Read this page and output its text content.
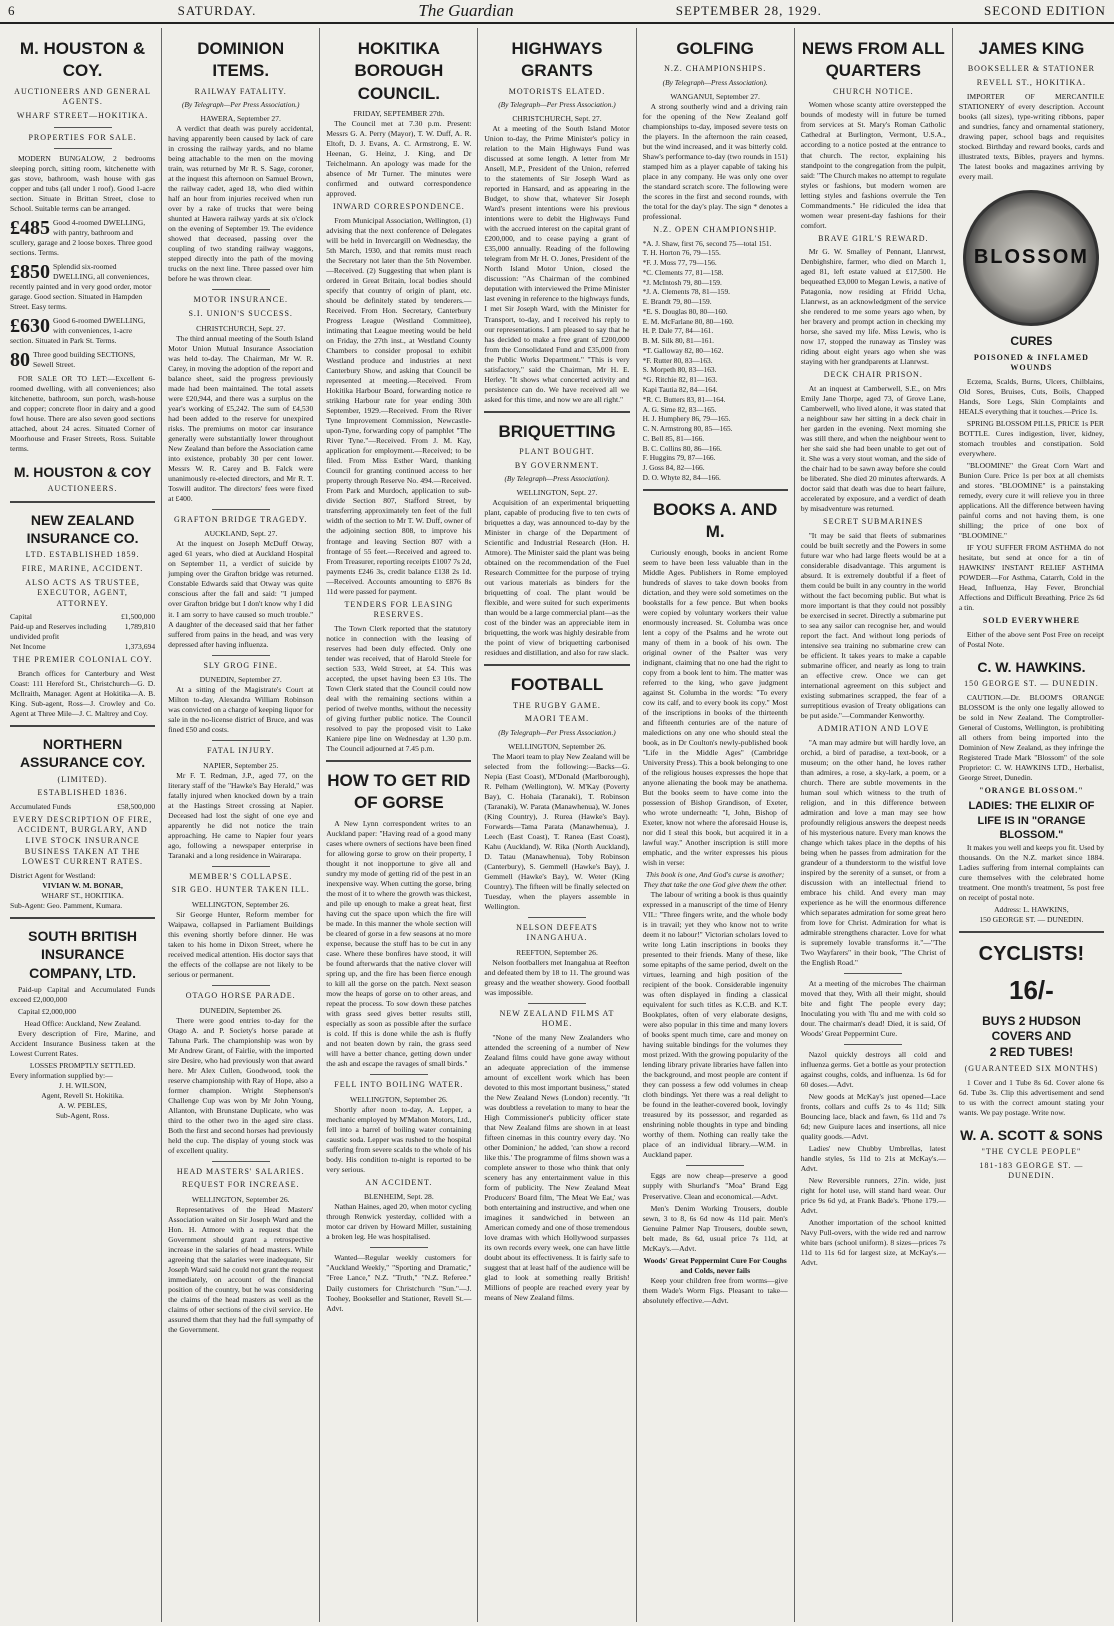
6	SATURDAY.	The Guardian	SEPTEMBER 28, 1929.	SECOND EDITION
M. HOUSTON & COY.
AUCTIONEERS AND GENERAL AGENTS.
WHARF STREET—HOKITIKA.
PROPERTIES FOR SALE.

MODERN BUNGALOW, 2 bedrooms sleeping porch, sitting room, kitchenette with gas stove, bathroom, wash house with gas copper and tubs (all under 1 roof). Good 1-acre section. Situate in Brittan Street, close to School. Suitable terms can be arranged.

£485 Good 4-roomed DWELLING, with pantry, bathroom and scullery, garage and 2 loose boxes. Three good sections. Terms.
£850 Splendid six-roomed DWELLING, all conveniences, recently painted and in very good order, motor garage. Good section. Situated in Hampden Street. Easy terms.
£630 Good 6-roomed DWELLING, with conveniences, 1-acre section. Situated in Park St. Terms.
80 Three good building SECTIONS, Sewell Street.

FOR SALE OR TO LET:—Excellent 6-roomed dwelling, with all conveniences; also kitchenette, bathroom, sun porch, wash-house and copper; concrete floor in dairy and a good fowl house. There are also seven good sections attached, about 24 acres. Situated Corner of Moorhouse and Fraser Streets, Ross. Suitable terms.

M. HOUSTON & COY
AUCTIONEERS.
NEW ZEALAND INSURANCE CO.
LTD. ESTABLISHED 1859.
FIRE, MARINE, ACCIDENT.
ALSO ACTS AS TRUSTEE, EXECUTOR, AGENT, ATTORNEY.
Capital	£1,500,000
Paid-up and Reserves including undivided profit
1,789,810
Net Income	1,373,694
THE PREMIER COLONIAL COY.

Branch offices for Canterbury and West Coast: 111 Hereford St., Christchurch—G. D. McIlraith, Manager. Agent at Hokitika—A. B. King. Sub-agent, Ross—J. Crowley and Co. Agent at Three Mile—J. C. Maltrey and Coy.

NORTHERN ASSURANCE COY.
(LIMITED).
ESTABLISHED 1836.
Accumulated Funds	£58,500,000
EVERY DESCRIPTION OF FIRE, ACCIDENT, BURGLARY, AND LIVE STOCK INSURANCE BUSINESS TAKEN AT THE LOWEST CURRENT RATES.
District Agent for Westland:
VIVIAN W. M. BONAR,
WHARF ST., HOKITIKA.
Sub-Agent: Geo. Pamment, Kumara.
SOUTH BRITISH INSURANCE COMPANY, LTD.

Paid-up Capital and Accumulated Funds exceed £2,000,000

Capital £2,000,000

Head Office: Auckland, New Zealand.

Every description of Fire, Marine, and Accident Insurance Business taken at the Lowest Current Rates.

LOSSES PROMPTLY SETTLED.
Every information supplied by:—
J. H. WILSON,
Agent, Revell St. Hokitika.
A. W. PEBLES,
Sub-Agent, Ross.
DOMINION ITEMS.
RAILWAY FATALITY.
(By Telegraph—Per Press Association.)
HAWERA, September 27.

A verdict that death was purely accidental, having apparently been caused by lack of care in crossing the railway yards, and no blame being attachable to the men on the moving train, was returned by Mr R. S. Sage, coroner, at the inquest this afternoon on Samuel Brown, the railway cadet, aged 18, who died within half an hour from injuries received when run over by a rake of trucks that were being shunted at Hawera railway yards at six o'clock on the evening of September 19. The evidence showed that deceased, passing over the coupling of two standing railway waggons, stepped directly into the path of the moving trucks on the next line. Three passed over him before he was thrown clear.

MOTOR INSURANCE.
S.I. UNION'S SUCCESS.
CHRISTCHURCH, Sept. 27.

The third annual meeting of the South Island Motor Union Mutual Insurance Association was held to-day. The Chairman, Mr W. R. Carey, in moving the adoption of the report and balance sheet, said the progress previously made had been maintained. The total assets were £20,944, and there was a surplus on the year's working of £5,242. The sum of £4,530 had been added to the reserve for unexpired risks. The premiums on motor car insurance generally were substantially lower throughout New Zealand than before the Association came into existence, probably 30 per cent lower. Messrs W. R. Carey and B. Falck were unanimously re-elected directors, and Mr R. T. Toswill auditor. The directors' fees were fixed at £400.

GRAFTON BRIDGE TRAGEDY.
AUCKLAND, Sept. 27.

At the inquest on Joseph McDuff Otway, aged 61 years, who died at Auckland Hospital on September 11, a verdict of suicide by jumping over the Grafton bridge was returned. Constable Edwards said that Otway was quite conscious after the fall and said: "I jumped over Grafton bridge but I don't know why I did it. I am sorry to have caused so much trouble." A daughter of the deceased said that her father suffered from pains in the head, and was very depressed after having influenza.

SLY GROG FINE.
DUNEDIN, September 27.

At a sitting of the Magistrate's Court at Milton to-day, Alexandra William Robinson was convicted on a charge of keeping liquor for sale in the no-license district of Bruce, and was fined £50 and costs.

FATAL INJURY.
NAPIER, September 25.

Mr F. T. Redman, J.P., aged 77, on the literary staff of the "Hawke's Bay Herald," was fatally injured when knocked down by a train at the Hastings Street crossing at Napier. Deceased had lost the sight of one eye and apparently he did not notice the train approaching. He came to Napier four years ago, following a newspaper enterprise in Taranaki and a long residence in Wairarapa.

MEMBER'S COLLAPSE.
SIR GEO. HUNTER TAKEN ILL.
WELLINGTON, September 26.

Sir George Hunter, Reform member for Waipawa, collapsed in Parliament Buildings this evening shortly before dinner. He was taken to his home in Dixon Street, where he received medical attention. His doctor says that the effects of the collapse are not likely to be serious or permanent.

OTAGO HORSE PARADE.
DUNEDIN, September 26.

There were good entries to-day for the Otago A. and P. Society's horse parade at Tahuna Park. The championship was won by Mr Andrew Grant, of Fairlie, with the imported sire Desire, who had previously won that award here. Mr Alex Cullen, Goodwood, took the reserve championship with Ray of Hope, also a former champion. Wright Stephenson's Challenge Cup was won by Mr John Young, Allanton, with Brunstane Duplicate, who was third to the other two in the aged sire class. Both the first and second horses had previously held the cup. The display of young stock was of excellent quality.

HEAD MASTERS' SALARIES.
REQUEST FOR INCREASE.
WELLINGTON, September 26.

Representatives of the Head Masters' Association waited on Sir Joseph Ward and the Hon. H. Atmore with a request that the Government should grant a retrospective increase in the salaries of head masters. While agreeing that the salaries were inadequate, Sir Joseph Ward said he could not grant the request immediately, on account of the financial position of the country, but he was considering the claims of the head masters as well as the claims of other sections of the civil service. He assured them that they had the full sympathy of the Government.

HOKITIKA BOROUGH COUNCIL.
FRIDAY, SEPTEMBER 27th.

The Council met at 7.30 p.m. Present: Messrs G. A. Perry (Mayor), T. W. Duff, A. R. Eltoft, D. J. Evans, A. C. Armstrong, E. W. Heenan, G. Heinz, J. King, and Dr Teichelmann. An apology was made for the absence of Mr Turner. The minutes were confirmed and outward correspondence approved.

INWARD CORRESPONDENCE.

From Municipal Association, Wellington, (1) advising that the next conference of Delegates will be held in Invercargill on Wednesday, the 5th March, 1930, and that remits must reach the Secretary not later than the 5th November.—Received. (2) Suggesting that when plant is ordered in Great Britain, local bodies should specify that country of origin of plant, etc. should be definitely stated by tenderers.—Received. From Hon. Secretary, Canterbury Progress League (Westland Committee), intimating that League meeting would be held on Friday, the 27th inst., at Westland County Chambers to consider proposal to exhibit Westland produce and industries at next Canterbury Show, and asking that Council be represented at meeting.—Received. From Hokitika Harbour Board, forwarding notice re striking Harbour rate for year ending 30th September, 1929.—Received. From the River Tyne Improvement Commission, Newcastle-upon-Tyne, forwarding copy of pamphlet "The River Tyne."—Received. From J. M. Kay, application for employment.—Received; to be filed. From Miss Esther Ward, thanking Council for granting continued access to her property through Reserve No. 494.—Received. From Park and Murdoch, application to sub-divide Section 807, Stafford Street, by transferring approximately ten feet of the full width of the section to Mr T. W. Duff, owner of the adjoining section 808, to improve his frontage and leaving Section 807 with a frontage of 55 feet.—Received and agreed to. From Treasurer, reporting receipts £1007 7s 2d, payments £246 3s, credit balance £138 2s 1d.—Received. Accounts amounting to £876 8s 11d were passed for payment.

TENDERS FOR LEASING RESERVES.

The Town Clerk reported that the statutory notice in connection with the leasing of reserves had been duly effected. Only one tender was received, that of Harold Steele for section 533, Weld Street, at £4. This was accepted, the upset having been £3 10s. The Town Clerk stated that the Council could now deal with the remaining sections within a period of twelve months, without the necessity of giving further public notice. The Council resolved to pay the proposed visit to Lake Kaniere pipe line on Wednesday at 1.30 p.m. The Council adjourned at 7.45 p.m.

HOW TO GET RID OF GORSE

A New Lynn correspondent writes to an Auckland paper: "Having read of a good many cases where owners of sections have been fined for allowing gorse to grow on their property, I thought it not inopportune to give all and sundry my mode of getting rid of the pest in an inexpensive way. When cutting the gorse, bring the most of it to where the growth was thickest, and pile up enough to make a great heat, first having cut the space upon which the fire will be made. In this manner the whole section will be cleared of gorse in a few seasons at no more expense, because the stuff has to be cut in any case. Where these bonfires have stood, it will be found afterwards that the native clover will spring up, and the fire has been fierce enough to kill all the gorse on the patch. Next season mow the heaps of gorse on to other areas, and repeat the process. To sow down these patches with grass seed gives better results still, especially as soon as possible after the surface is cold. If this is done while the ash is fluffy and not beaten down by rain, the grass seed will have a better chance, getting down under the ash and escape the ravages of small birds."

FELL INTO BOILING WATER.
WELLINGTON, September 26.

Shortly after noon to-day, A. Lepper, a mechanic employed by M'Mahon Motors, Ltd., fell into a barrel of boiling water containing caustic soda. Lepper was rushed to the hospital suffering from severe scalds to the whole of his body. His condition to-night is reported to be very serious.

AN ACCIDENT.
BLENHEIM, Sept. 28.

Nathan Haines, aged 20, when motor cycling through Renwick yesterday, collided with a motor car driven by Howard Miller, sustaining a broken leg. He was hospitalised.

Wanted—Regular weekly customers for "Auckland Weekly," "Sporting and Dramatic," "Free Lance," N.Z. "Truth," "N.Z. Referee." Daily customers for Christchurch "Sun."—J. Toohey, Bookseller and Stationer, Revell St.—Advt.

HIGHWAYS GRANTS
MOTORISTS ELATED.
(By Telegraph—Per Press Association.)
CHRISTCHURCH, Sept. 27.

At a meeting of the South Island Motor Union to-day, the Prime Minister's policy in relation to the Main Highways Fund was discussed at some length. A letter from Mr Ansell, M.P., President of the Union, referred to the statements of Sir Joseph Ward as reported in Hansard, and as appearing in the Budget, to show that, whatever Sir Joseph Ward's present intentions were his previous intentions were to debit the Highways Fund with the accrued interest on the capital grant of £200,000, and to cease paying a grant of £35,000 annually. Reading of the following telegram from Mr H. O. Jones, President of the North Island Motor Union, closed the discussion: "As Chairman of the combined deputation with interviewed the Prime Minister last evening in reference to the highways funds, I met Sir Joseph Ward, with the Minister for Transport, to-day, and I received his reply to our representations. I am pleased to say that he has decided to make a free grant of £200,000 from the Consolidated Fund and £35,000 from the Public Works Department." "This is very satisfactory," said the Chairman, Mr H. E. Herley. "It shows what concerted activity and persistence can do. We have received all we asked for this time, and now we are all right."

BRIQUETTING
PLANT BOUGHT.
BY GOVERNMENT.
(By Telegraph—Press Association).
WELLINGTON, Sept. 27.

Acquisition of an experimental briquetting plant, capable of producing five to ten cwts of briquettes a day, was announced to-day by the Minister in charge of the Department of Scientific and Industrial Research (Hon. H. Atmore). The Minister said the plant was being obtained on the recommendation of the Fuel Research Committee for the purpose of trying out various materials as binders for the briquetting of coal. The plant would be flexible, and were suited for such experiments than would be a large commercial plant—as the cost of the binder was an appreciable item in briquetting, the work was highly desirable from the point of view of briquetting carbonised residues and distillation, and also for raw slack.

FOOTBALL
THE RUGBY GAME.
MAORI TEAM.
(By Telegraph—Per Press Association.)
WELLINGTON, September 26.

The Maori team to play New Zealand will be selected from the following:—Backs—G. Nepia (East Coast), M'Donald (Marlborough), R. Pelham (Wellington), W. M'Kay (Poverty Bay), C. Hohaia (Taranaki), T. Robinson (Taranaki), W. Parata (Manawhenua), W. Jones (King Country), J. Rurea (Hawke's Bay). Forwards—Tama Parata (Manawhenua), J. Leech (East Coast), T. Ranea (East Coast), Kahu (Auckland), W. Rika (North Auckland), D. Tatau (Manawhenua), Toby Robinson (Canterbury), S. Gemmell (Hawke's Bay), J. Gemmell (Hawke's Bay), W. Weter (King Country). The fifteen will be finally selected on Tuesday, when the players assemble in Wellington.

NELSON DEFEATS INANGAHUA.
REEFTON, September 26.

Nelson footballers met Inangahua at Reefton and defeated them by 18 to 11. The ground was greasy and the weather showery. Good football was impossible.

NEW ZEALAND FILMS AT HOME.

"None of the many New Zealanders who attended the screening of a number of New Zealand films could have gone away without an adequate appreciation of the immense amount of excellent work which has been devoted to this most important business," stated the New Zealand News (London) recently. "It was doubtless a revelation to many to hear the High Commissioner's publicity officer state that New Zealand films are shown in at least fifteen cinemas in this country every day. 'No other Dominion,' he added, 'can show a record like this.' The programme of films shown was a complete answer to those who think that only scenery has any entertainment value in this form of publicity. The New Zealand Meat Producers' Board film, 'The Meat We Eat,' was both entertaining and instructive, and when one imagines it sandwiched in between an American comedy and one of those tremendous love dramas with which Hollywood surpasses its own records every week, one can have little doubt about its effectiveness. It is fairly safe to suggest that at least half of the audience will be glad to look at something really British! Millions of people are reached every year by means of New Zealand films.

GOLFING
N.Z. CHAMPIONSHIPS.
(By Telegraph—Press Association).
WANGANUI, September 27.

A strong southerly wind and a driving rain for the opening of the New Zealand golf championships to-day, imposed severe tests on the players. In the afternoon the rain ceased, but the wind increased, and it was bitterly cold. Shaw's performance to-day (two rounds in 151) stamped him as a player capable of taking his place in any company. He was only one over the standard scratch score. The following were the scores in the first and second rounds, with the total for the day's play. The sign * denotes a professional.

N.Z. OPEN CHAMPIONSHIP.

*A. J. Shaw, first 76, second 75—total 151.

T. H. Horton 76, 79—155.

*F. J. Moss 77, 79—156.

*C. Clements 77, 81—158.

*J. McIntosh 79, 80—159.

*J. A. Clements 78, 81—159.

E. Brandt 79, 80—159.

*E. S. Douglas 80, 80—160.

E. M. McFarlane 80, 80—160.

H. P. Dale 77, 84—161.

B. M. Silk 80, 81—161.

*T. Galloway 82, 80—162.

*F. Rutter 80, 83—163.

S. Morpeth 80, 83—163.

*G. Ritchie 82, 81—163.

Kapi Tautia 82, 84—164.

*R. C. Butters 83, 81—164.

A. G. Sime 82, 83—165.

H. J. Humphery 86, 79—165.

C. N. Armstrong 80, 85—165.

C. Bell 85, 81—166.

B. C. Collins 80, 86—166.

F. Huggins 79, 87—166.

J. Goss 84, 82—166.

D. O. Whyte 82, 84—166.

BOOKS A. AND M.

Curiously enough, books in ancient Rome seem to have been less valuable than in the Middle Ages. Publishers in Rome employed hundreds of slaves to take down books from dictation, and they were sold sometimes on the bookstalls for a few pence. But when books were copied by voluntary workers their value enormously increased. St. Columba was once lent a copy of the Psalms and he wrote out many of them in a book of his own. The original owner of the Psalter was very indignant, claiming that no one had the right to copy from a book lent to him. The matter was referred to the king, who gave judgment against St. Columba in the words: "To every cow its calf, and to every book its copy." Most of the inscriptions in books of the thirteenth and fifteenth centuries are of the nature of maledictions on any one who should steal the book, as in Dr Coulton's newly-published book "Life in the Middle Ages" (Cambridge University Press). This a book belonging to one of the religious houses expresses the hope that anyone alienating the book may be anathema. But the books seem to have come into the possession of Bishop Grandison, of Exeter, who wrote underneath: "I, John, Bishop of Exeter, know not where the aforesaid House is, nor did I steal this book, but acquired it in a lawful way." Another inscription is still more emphatic, and the writer expresses his pious wish in verse:

This book is one, And God's curse is another; They that take the one God give them the other.

The labour of writing a book is thus quaintly expressed in a manuscript of the time of Henry VII.: "Three fingers write, and the whole body is in travail; yet they who know not to write deem it no labour!" Victorian scholars loved to write long Latin inscriptions in books they presented to their friends. Many of these, like some epitaphs of the same period, dwelt on the virtues, learning and high position of the recipient of the book. Considerable ingenuity was often displayed in finding a classical equivalent for such titles as K.C.B. and K.T. Bookplates, often of very elaborate designs, were also popular in this time and many lovers of books spent much time, care and money on having suitable bindings for the volumes they most prized. With the growing popularity of the lending library private libraries have fallen into the background, and most people are content if they can possess a few odd volumes in cheap cloth bindings. Yet there was a real delight to be found in the leather-covered book, lovingly treasured by its possessor, and regarded as enshrining noble thoughts in type and binding worthy of them. Nothing can really take the place of an individual library.—W.M. in Auckland paper.

Eggs are now cheap—preserve a good supply with Shurland's "Moa" Brand Egg Preservative. Clean and economical.—Advt.

Men's Denim Working Trousers, double sewn, 3 to 8, 6s 6d now 4s 11d pair. Men's Genuine Palmer Nap Trousers, double sewn, belt made, 8s 6d, usual price 7s 11d, at McKay's.—Advt.

Woods' Great Peppermint Cure For Coughs and Colds, never fails

Keep your children free from worms—give them Wade's Worm Figs. Pleasant to take—absolutely effective.—Advt.

NEWS FROM ALL QUARTERS
CHURCH NOTICE.

Women whose scanty attire overstepped the bounds of modesty will in future be turned from services at St. Mary's Roman Catholic Cathedral at Burlington, Vermont, U.S.A., according to a notice posted at the entrance to that church. The rector, explaining his standpoint to the congregation from the pulpit, said: "The Church makes no attempt to regulate styles or fashions, but modern women are letting styles and fashions overrule the Ten Commandments." He ridiculed the idea that women wear present-day fashions for their comfort.

BRAVE GIRL'S REWARD.

Mr G. W. Smalley of Pennant, Llanrwst, Denbighshire, farmer, who died on March 1, aged 81, left estate valued at £17,500. He bequeathed £3,000 to Megan Lewis, a native of Patagonia, now residing at Ffridd Ucha, Llanrwst, as an acknowledgment of the service she rendered to me some years ago when, by her bravery and prompt action in checking my horse, she saved my life. Miss Lewis, who is now 17, stopped the runaway as Tinsley was riding about eight years ago when she was staying with her grandparents at Llanrwst.

DECK CHAIR PRISON.

At an inquest at Camberwell, S.E., on Mrs Emily Jane Thorpe, aged 73, of Grove Lane, Camberwell, who lived alone, it was stated that a neighbour saw her sitting in a deck chair in her garden in the evening. Next morning she was still there, and when the neighbour went to her she said she had been unable to get out of it. She was a very stout woman, and the side of the chair had to be sawn away before she could be liberated. She died 20 minutes afterwards. A doctor said that death was due to heart failure, accelerated by exposure, and a verdict of death by misadventure was returned.

SECRET SUBMARINES

"It may be said that fleets of submarines could be built secretly and the Powers in some future war who had large fleets would be at a considerable disadvantage. This argument is absurd. It is extremely doubtful if a fleet of them could be built in any country in the world without the fact becoming public. But what is more important is that they could not possibly be exercised in secret. Directly a submarine put to sea any sailor can recognise her, and would report the fact. And without long periods of intensive sea training no submarine crew can be efficient. It takes years to make a capable submarine officer, and nearly as long to train an effective crew. Once we can get international agreement on this subject and existing submarines scrapped, the fear of a surreptitious evasion of Treaty obligations can be put aside."—Commander Kenworthy.

ADMIRATION AND LOVE

"A man may admire but will hardly love, an orchid, a bird of paradise, a text-book, or a museum; on the other hand, he loves rather than admires, a rose, a sky-lark, a poem, or a church. There are subtle movements in the human soul which witness to the truth of religion, and in this difference between admiration and love a man may see how profoundly religious answers the deepest needs of his mysterious nature. Every man knows the change which takes place in the depths of his being when he passes from admiration for the grandeur of a thunderstorm to the wistful love inspired by the serenity of a sunset, or from a discussion with an intellectual friend to embrace his child. And every man may experience as he will the enormous difference which separates admiration for some great hero from love for Christ. Admiration for what is admirable strengthens character. Love for what is supremely lovable transforms it."—"The Two Wayfarers" in their book, "The Christ of the English Road."

At a meeting of the microbes The chairman moved that they, With all their might, should bite and fight The people every day; Inoculating you with 'flu and me with cold so dour. The chairman's dead! Died, it is said, Of Woods' Great Peppermint Cure.

Nazol quickly destroys all cold and influenza germs. Get a bottle as your protection against coughs, colds, and influenza. 1s 6d for 60 doses.—Advt.

New goods at McKay's just opened—Lace fronts, collars and cuffs 2s to 4s 11d; Silk Bouncing lace, black and fawn, 6s 11d and 7s 6d; new Guipure laces and insertions, all nice quality goods.—Advt.

Ladies' new Chubby Umbrellas, latest handle styles, 5s 11d to 21s at McKay's.—Advt.

New Reversible runners, 27in. wide, just right for hotel use, will stand hard wear. Our price 9s 6d yd, at Frank Bade's. 'Phone 179.—Advt.

Another importation of the school knitted Navy Pull-overs, with the wide red and narrow white bars (school uniform). 8 sizes—prices 7s 11d to 11s 6d for largest size, at McKay's.—Advt.

JAMES KING
BOOKSELLER & STATIONER
REVELL ST., HOKITIKA.

IMPORTER OF MERCANTILE STATIONERY of every description. Account books (all sizes), type-writing ribbons, paper and sundries, fancy and ornamental stationery, drawing paper, school bags and requisites stocked. Birthday and reward books, cards and illustrated texts, Bibles, prayers and hymns. The latest books and magazines arriving by every mail.

BLOSSOM
CURES
POISONED & INFLAMED WOUNDS

Eczema, Scalds, Burns, Ulcers, Chilblains, Old Sores, Bruises, Cuts, Boils, Chapped Hands, Sore Legs, Skin Complaints and HEALS everything that it touches.—Price 1s.

SPRING BLOSSOM PILLS, PRICE 1s PER BOTTLE. Cures indigestion, liver, kidney, stomach troubles and constipation. Sold everywhere.

"BLOOMINE" the Great Corn Wart and Bunion Cure. Price 1s per box at all chemists and stores. "BLOOMINE" is a painstaking remedy, every cure it will relieve you in three applications. All the difference between having painful corns and not having them, is one shilling; the price of one box of "BLOOMINE."

IF YOU SUFFER FROM ASTHMA do not hesitate, but send at once for a tin of HAWKINS' INSTANT RELIEF ASTHMA POWDER—For Asthma, Catarrh, Cold in the Head, Influenza, Hay Fever, Bronchial Affections and Difficult Breathing. Price 2s 6d a tin.

SOLD EVERYWHERE

Either of the above sent Post Free on receipt of Postal Note.

C. W. HAWKINS.
150 GEORGE ST. — DUNEDIN.

CAUTION.—Dr. BLOOM'S ORANGE BLOSSOM is the only one legally allowed to be sold in New Zealand. The Comptroller-General of Customs, Wellington, is prohibiting all others from being imported into the Dominion of New Zealand, as they infringe the Registered Trade Mark "Blossom" of the sole Proprietor: C. W. HAWKINS LTD., Herbalist, George Street, Dunedin.

"ORANGE BLOSSOM."
LADIES: THE ELIXIR OF LIFE IS IN "ORANGE BLOSSOM."

It makes you well and keeps you fit. Used by thousands. On the N.Z. market since 1884. Ladies suffering from internal complaints can cure themselves with the celebrated home treatment. One month's treatment, 5s post free on receipt of postal note.

Address: L. HAWKINS,
150 GEORGE ST. — DUNEDIN.
CYCLISTS!
16/-
BUYS 2 HUDSON
COVERS AND
2 RED TUBES!
(GUARANTEED SIX MONTHS)

1 Cover and 1 Tube 8s 6d. Cover alone 6s 6d. Tube 3s. Clip this advertisement and send to us with the correct amount stating your wants. We pay postage. Write now.

W. A. SCOTT & SONS
"THE CYCLE PEOPLE"
181-183 GEORGE ST. — DUNEDIN.
